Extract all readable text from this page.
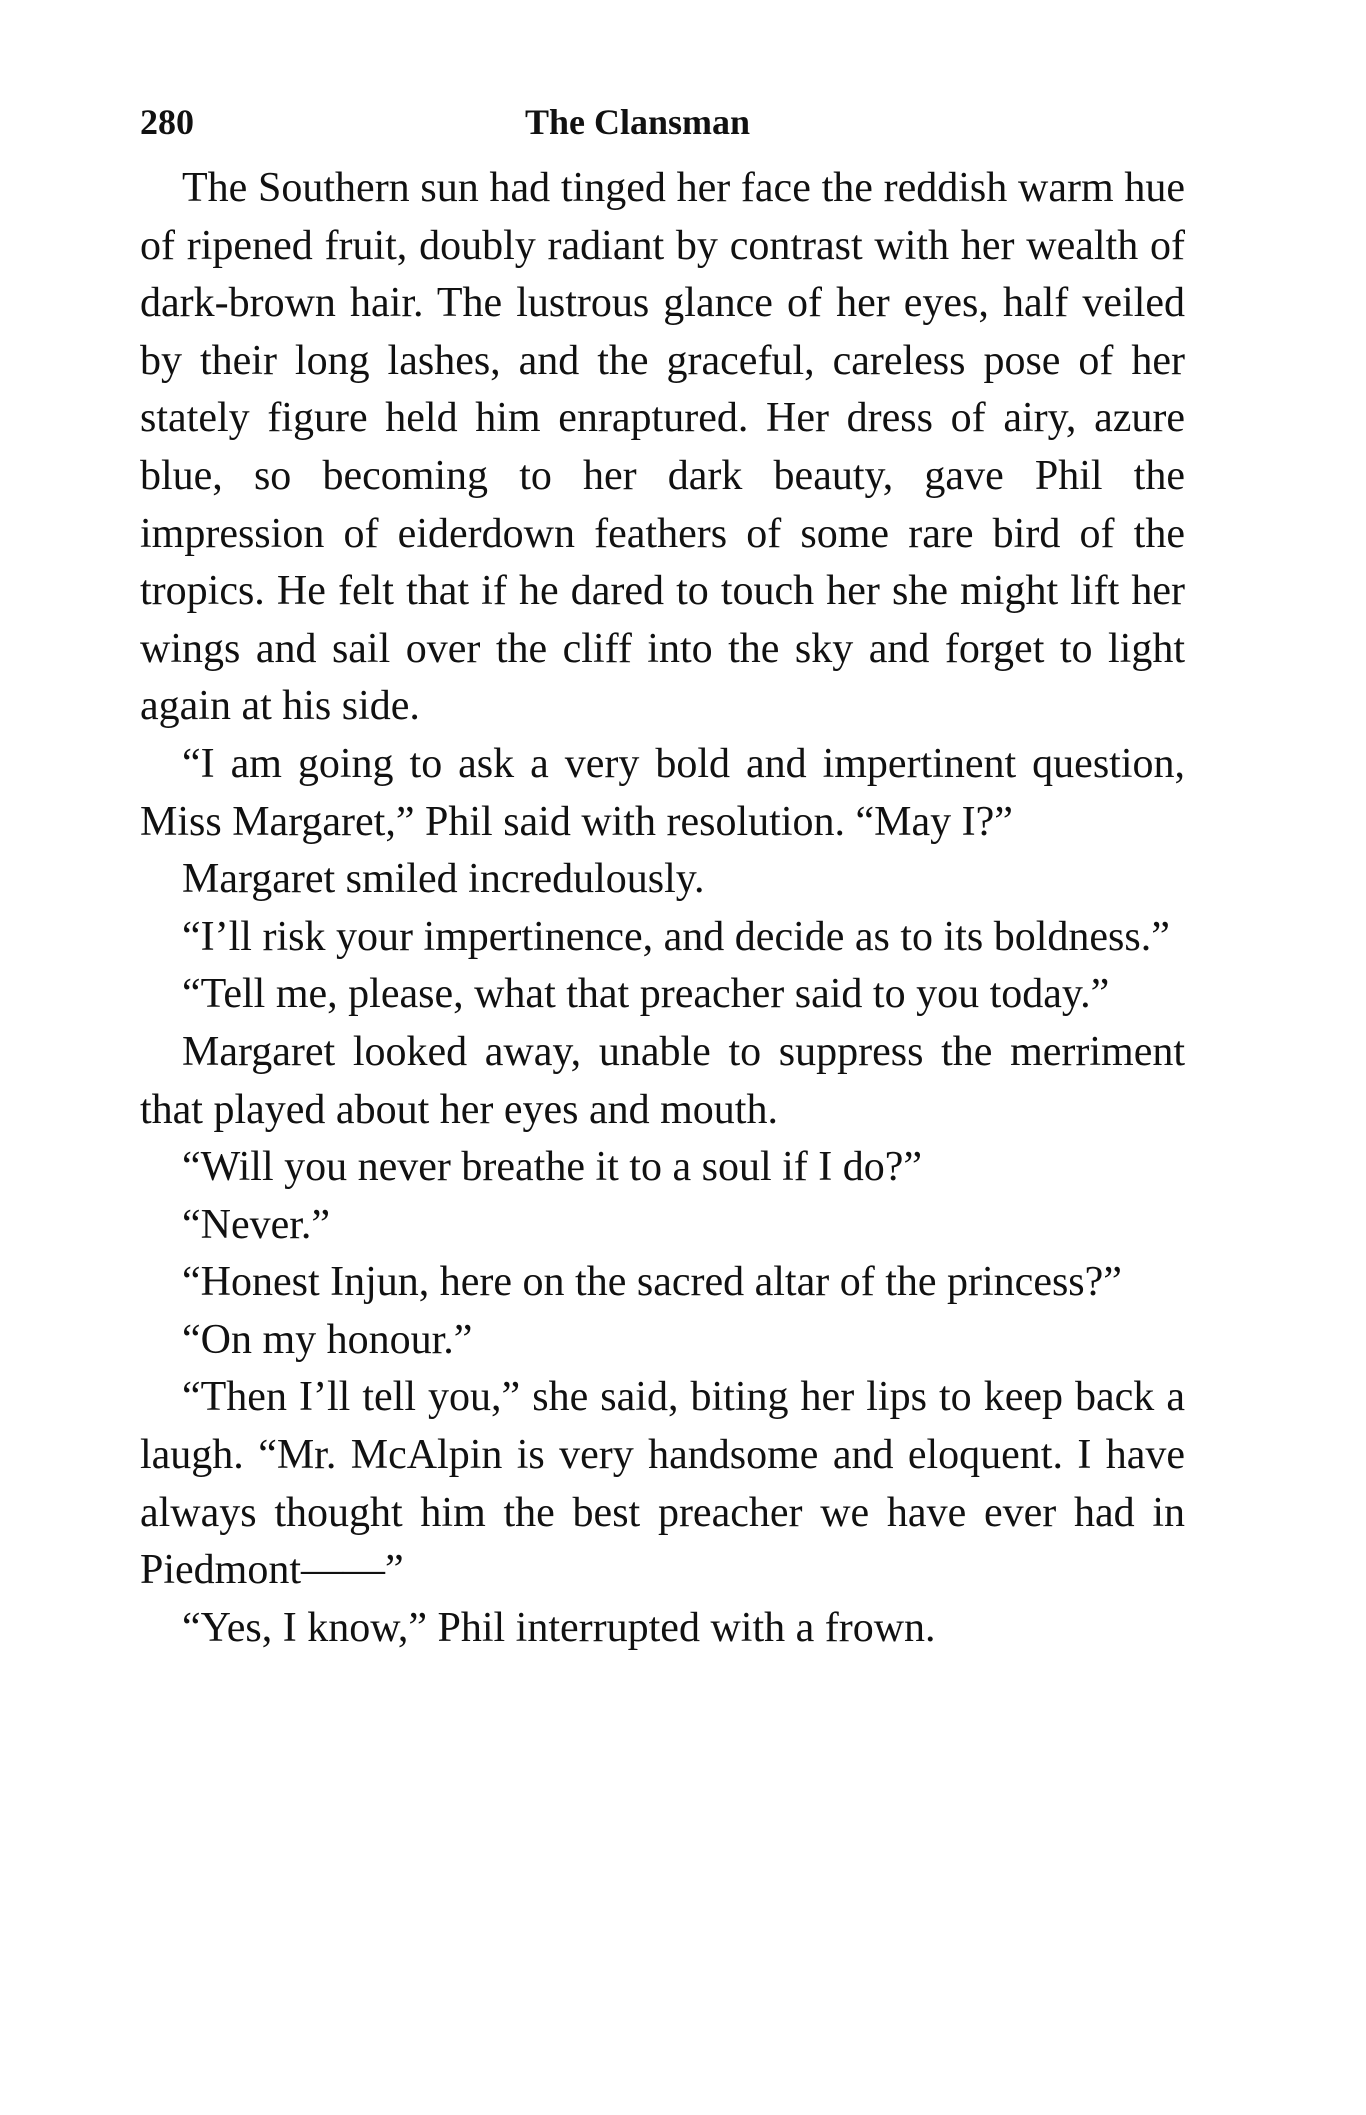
280	The Clansman

The Southern sun had tinged her face the reddish warm hue of ripened fruit, doubly radiant by contrast with her wealth of dark-brown hair. The lustrous glance of her eyes, half veiled by their long lashes, and the graceful, careless pose of her stately figure held him enraptured. Her dress of airy, azure blue, so becoming to her dark beauty, gave Phil the impression of eiderdown feathers of some rare bird of the tropics. He felt that if he dared to touch her she might lift her wings and sail over the cliff into the sky and forget to light again at his side.

“I am going to ask a very bold and impertinent question, Miss Margaret,” Phil said with resolution. “May I?”

Margaret smiled incredulously.

“I’ll risk your impertinence, and decide as to its boldness.”

“Tell me, please, what that preacher said to you today.”

Margaret looked away, unable to suppress the merriment that played about her eyes and mouth.

“Will you never breathe it to a soul if I do?”

“Never.”

“Honest Injun, here on the sacred altar of the princess?”

“On my honour.”

“Then I’ll tell you,” she said, biting her lips to keep back a laugh. “Mr. McAlpin is very handsome and eloquent. I have always thought him the best preacher we have ever had in Piedmont——”

“Yes, I know,” Phil interrupted with a frown.
